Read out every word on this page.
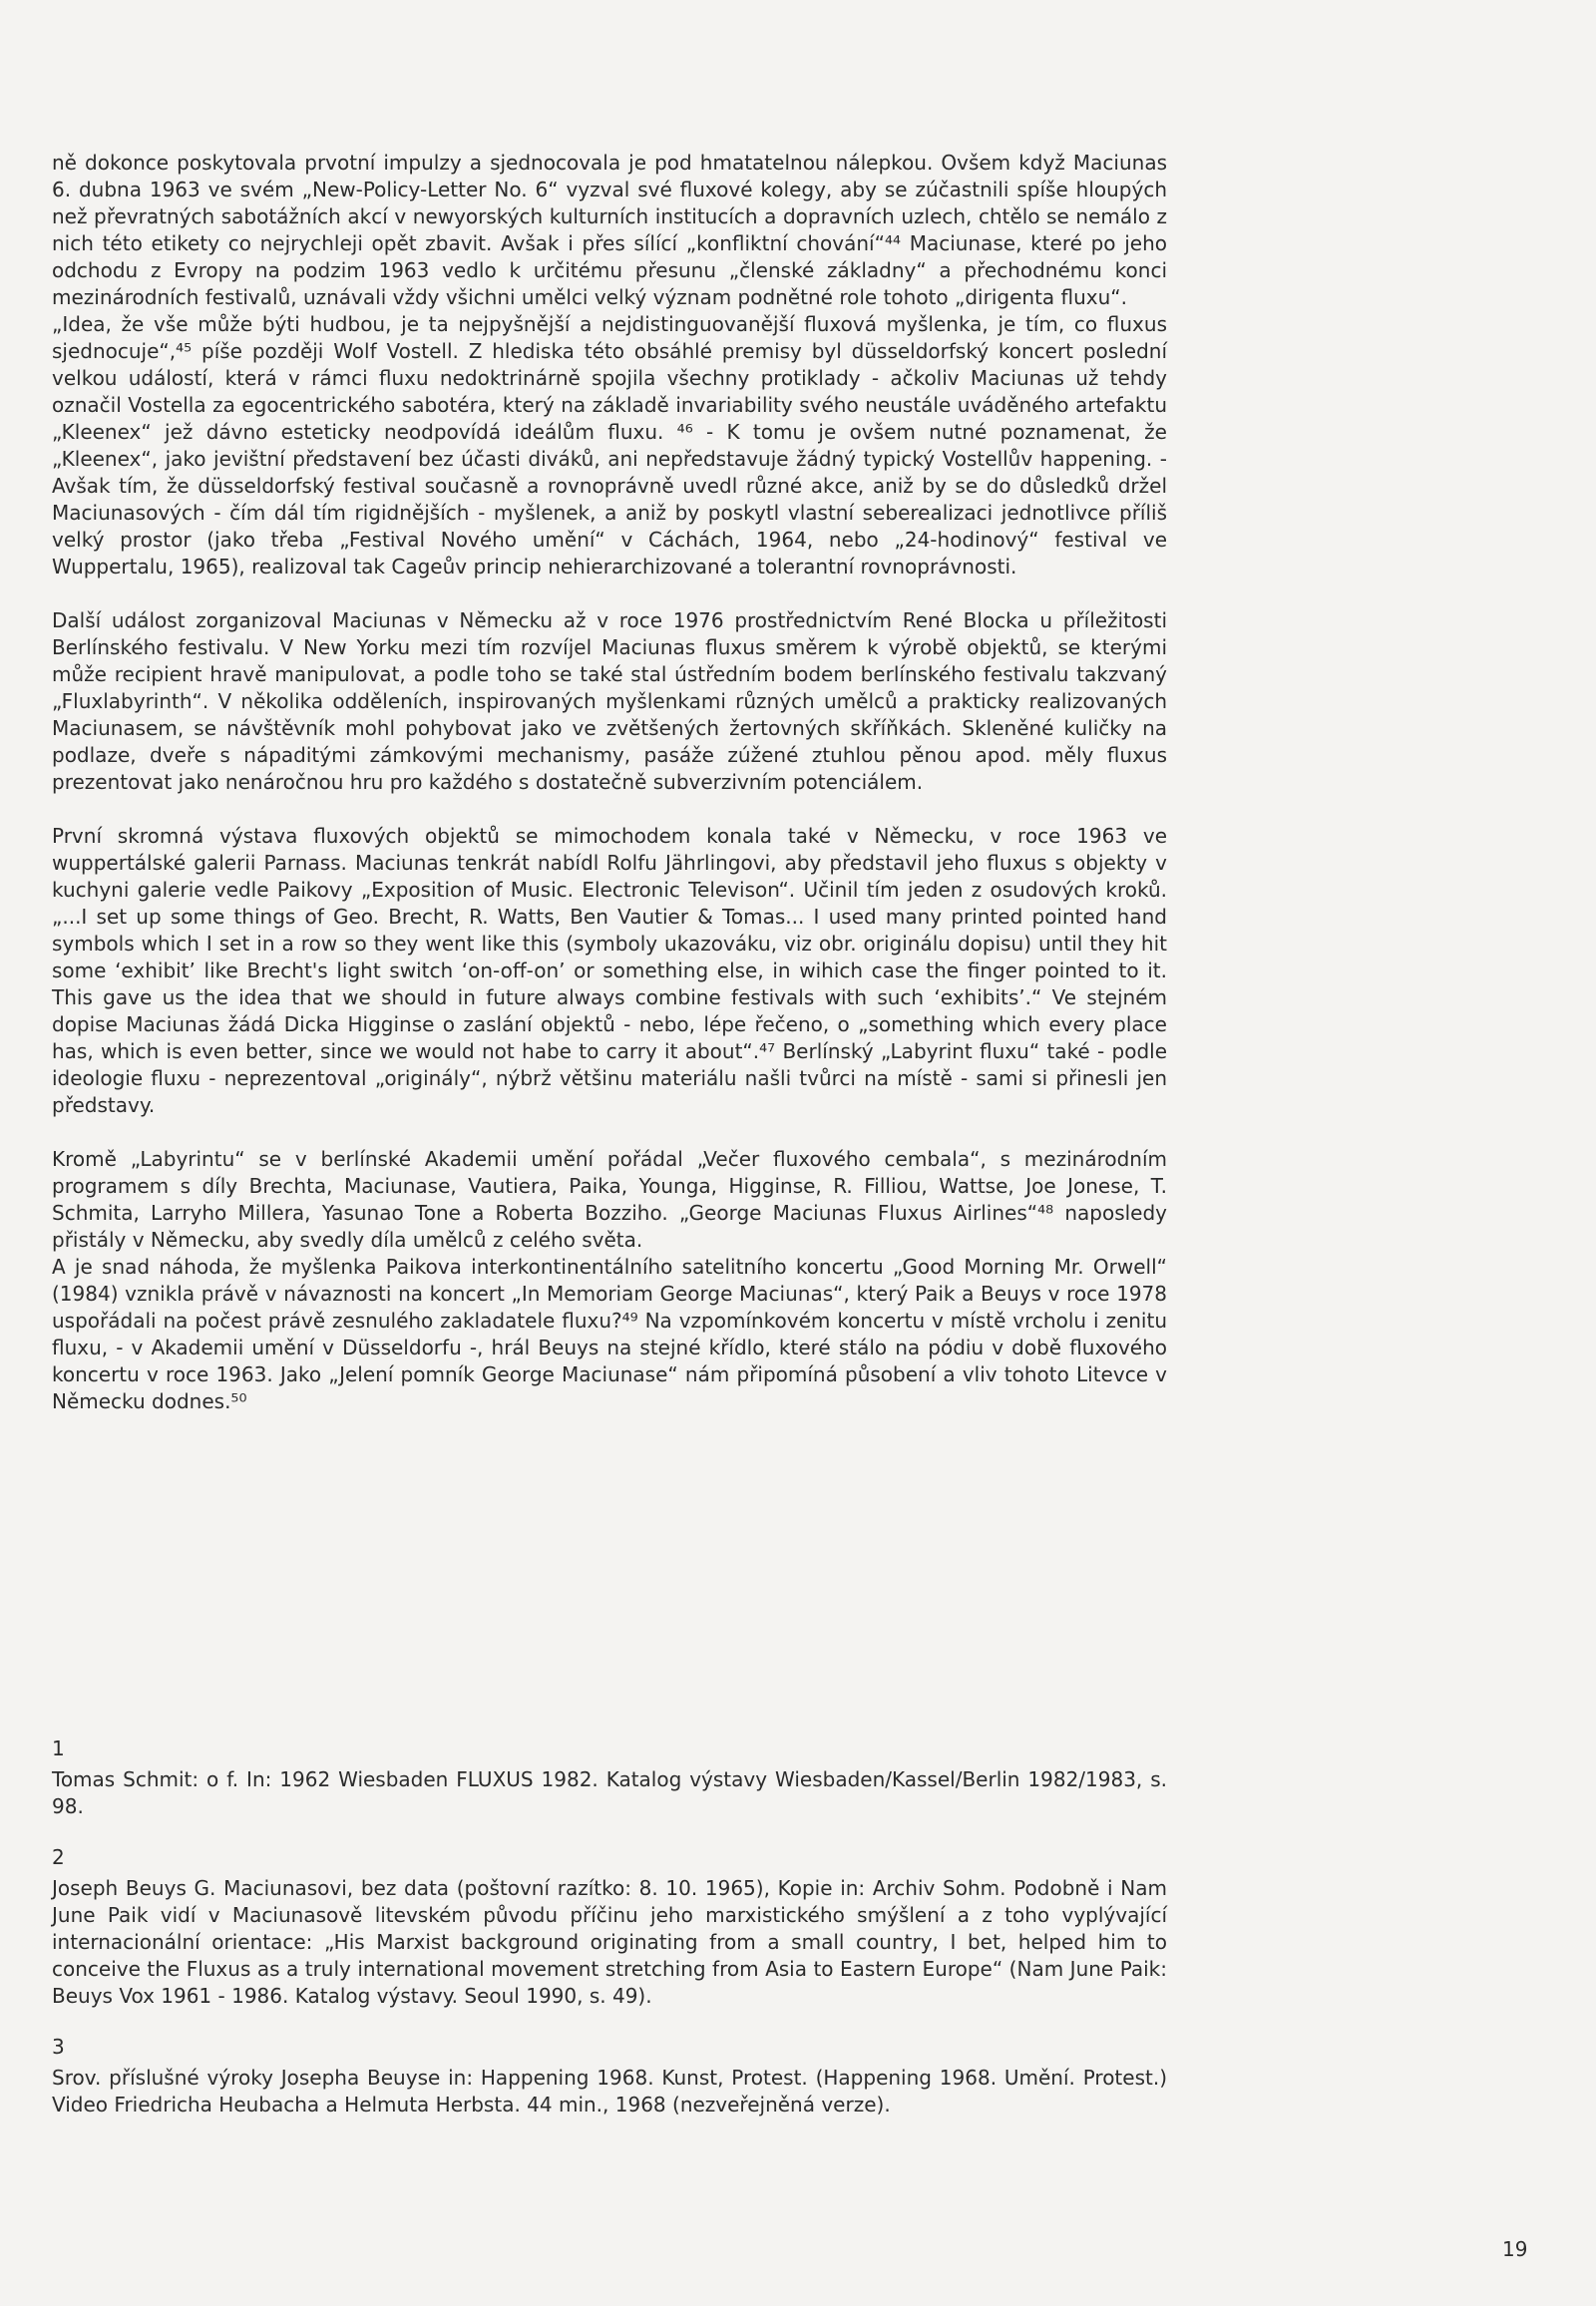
ně dokonce poskytovala prvotní impulzy a sjednocovala je pod hmatatelnou nálepkou. Ovšem když Maciunas 6. dubna 1963 ve svém „New-Policy-Letter No. 6“ vyzval své fluxové kolegy, aby se zúčastnili spíše hloupých než převratných sabotážních akcí v newyorských kulturních institucích a dopravních uzlech, chtělo se nemálo z nich této etikety co nejrychleji opět zbavit. Avšak i přes sílící „konfliktní chování“⁴⁴ Maciunase, které po jeho odchodu z Evropy na podzim 1963 vedlo k určitému přesunu „členské základny“ a přechodnému konci mezinárodních festivalů, uznávali vždy všichni umělci velký význam podnětné role tohoto „dirigenta fluxu“.

„Idea, že vše může býti hudbou, je ta nejpyšnější a nejdistinguovanější fluxová myšlenka, je tím, co fluxus sjednocuje“,⁴⁵ píše později Wolf Vostell. Z hlediska této obsáhlé premisy byl düsseldorfský koncert poslední velkou událostí, která v rámci fluxu nedoktrinárně spojila všechny protiklady - ačkoliv Maciunas už tehdy označil Vostella za egocentrického sabotéra, který na základě invariability svého neustále uváděného artefaktu „Kleenex“ jež dávno esteticky neodpovídá ideálům fluxu. ⁴⁶ - K tomu je ovšem nutné poznamenat, že „Kleenex“, jako jevištní představení bez účasti diváků, ani nepředstavuje žádný typický Vostellův happening. - Avšak tím, že düsseldorfský festival současně a rovnoprávně uvedl různé akce, aniž by se do důsledků držel Maciunasových - čím dál tím rigidnějších - myšlenek, a aniž by poskytl vlastní seberealizaci jednotlivce příliš velký prostor (jako třeba „Festival Nového umění“ v Cáchách, 1964, nebo „24-hodinový“ festival ve Wuppertalu, 1965), realizoval tak Cageův princip nehierarchizované a tolerantní rovnoprávnosti.

Další událost zorganizoval Maciunas v Německu až v roce 1976 prostřednictvím René Blocka u příležitosti Berlínského festivalu. V New Yorku mezi tím rozvíjel Maciunas fluxus směrem k výrobě objektů, se kterými může recipient hravě manipulovat, a podle toho se také stal ústředním bodem berlínského festivalu takzvaný „Fluxlabyrinth“. V několika odděleních, inspirovaných myšlenkami různých umělců a prakticky realizovaných Maciunasem, se návštěvník mohl pohybovat jako ve zvětšených žertovných skříňkách. Skleněné kuličky na podlaze, dveře s nápaditými zámkovými mechanismy, pasáže zúžené ztuhlou pěnou apod. měly fluxus prezentovat jako nenáročnou hru pro každého s dostatečně subverzivním potenciálem.

První skromná výstava fluxových objektů se mimochodem konala také v Německu, v roce 1963 ve wuppertálské galerii Parnass. Maciunas tenkrát nabídl Rolfu Jährlingovi, aby představil jeho fluxus s objekty v kuchyni galerie vedle Paikovy „Exposition of Music. Electronic Televison“. Učinil tím jeden z osudových kroků. „...I set up some things of Geo. Brecht, R. Watts, Ben Vautier & Tomas... I used many printed pointed hand symbols which I set in a row so they went like this (symboly ukazováku, viz obr. originálu dopisu) until they hit some ‘exhibit’ like Brecht's light switch ‘on-off-on’ or something else, in wihich case the finger pointed to it. This gave us the idea that we should in future always combine festivals with such ‘exhibits’.“ Ve stejném dopise Maciunas žádá Dicka Higginse o zaslání objektů - nebo, lépe řečeno, o „something which every place has, which is even better, since we would not habe to carry it about“.⁴⁷ Berlínský „Labyrint fluxu“ také - podle ideologie fluxu - neprezentoval „originály“, nýbrž většinu materiálu našli tvůrci na místě - sami si přinesli jen představy.

Kromě „Labyrintu“ se v berlínské Akademii umění pořádal „Večer fluxového cembala“, s mezinárodním programem s díly Brechta, Maciunase, Vautiera, Paika, Younga, Higginse, R. Filliou, Wattse, Joe Jonese, T. Schmita, Larryho Millera, Yasunao Tone a Roberta Bozziho. „George Maciunas Fluxus Airlines“⁴⁸ naposledy přistály v Německu, aby svedly díla umělců z celého světa.

A je snad náhoda, že myšlenka Paikova interkontinentálního satelitního koncertu „Good Morning Mr. Orwell“ (1984) vznikla právě v návaznosti na koncert „In Memoriam George Maciunas“, který Paik a Beuys v roce 1978 uspořádali na počest právě zesnulého zakladatele fluxu?⁴⁹ Na vzpomínkovém koncertu v místě vrcholu i zenitu fluxu, - v Akademii umění v Düsseldorfu -, hrál Beuys na stejné křídlo, které stálo na pódiu v době fluxového koncertu v roce 1963. Jako „Jelení pomník George Maciunase“ nám připomíná působení a vliv tohoto Litevce v Německu dodnes.⁵⁰

1
Tomas Schmit: o f. In: 1962 Wiesbaden FLUXUS 1982. Katalog výstavy Wiesbaden/Kassel/Berlin 1982/1983, s. 98.
2
Joseph Beuys G. Maciunasovi, bez data (poštovní razítko: 8. 10. 1965), Kopie in: Archiv Sohm. Podobně i Nam June Paik vidí v Maciunasově litevském původu příčinu jeho marxistického smýšlení a z toho vyplývající internacionální orientace: „His Marxist background originating from a small country, I bet, helped him to conceive the Fluxus as a truly international movement stretching from Asia to Eastern Europe“ (Nam June Paik: Beuys Vox 1961 - 1986. Katalog výstavy. Seoul 1990, s. 49).
3
Srov. příslušné výroky Josepha Beuyse in: Happening 1968. Kunst, Protest. (Happening 1968. Umění. Protest.) Video Friedricha Heubacha a Helmuta Herbsta. 44 min., 1968 (nezveřejněná verze).
19
